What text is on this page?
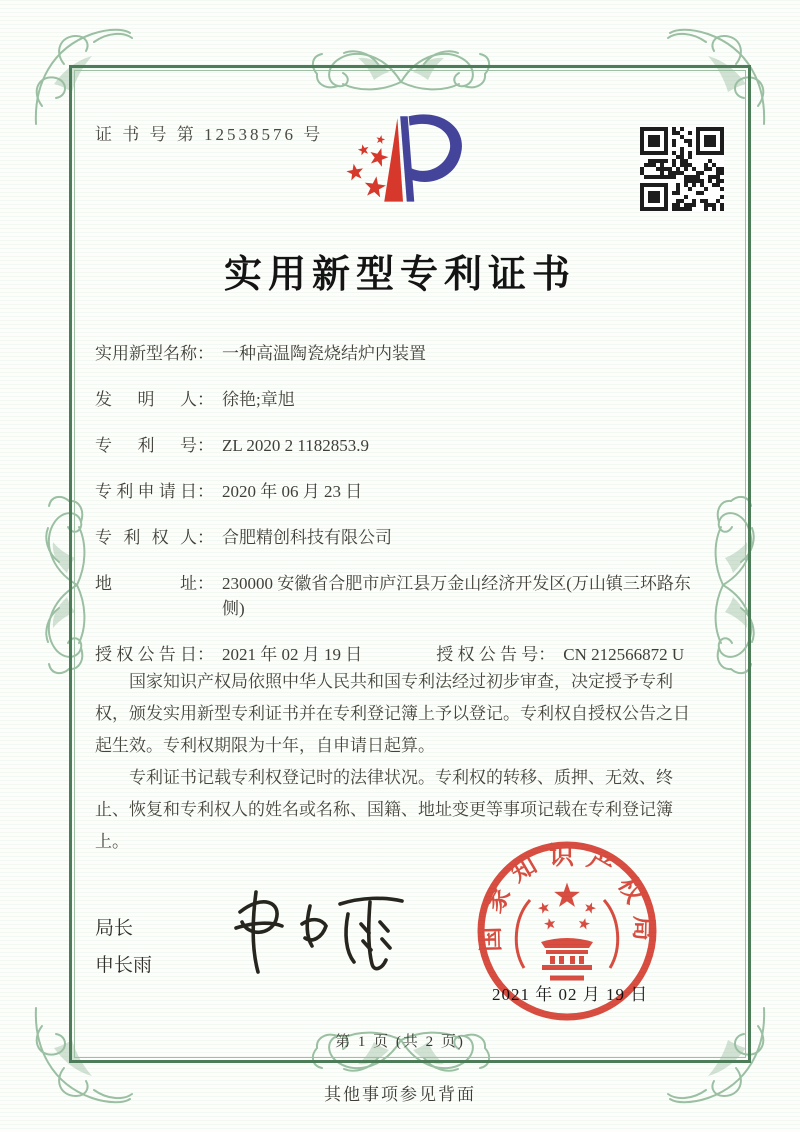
证 书 号 第 12538576 号
实用新型专利证书
实用新型名称 ： 一种高温陶瓷烧结炉内装置
发明人 ： 徐艳;章旭
专利号 ： ZL 2020 2 1182853.9
专利申请日 ： 2020 年 06 月 23 日
专利权人 ： 合肥精创科技有限公司
地址 ： 230000 安徽省合肥市庐江县万金山经济开发区(万山镇三环路东侧)
授权公告日 ： 2021 年 02 月 19 日	授权公告号 ： CN 212566872 U

国家知识产权局依照中华人民共和国专利法经过初步审查，决定授予专利权，颁发实用新型专利证书并在专利登记簿上予以登记。专利权自授权公告之日起生效。专利权期限为十年，自申请日起算。

专利证书记载专利权登记时的法律状况。专利权的转移、质押、无效、终止、恢复和专利权人的姓名或名称、国籍、地址变更等事项记载在专利登记簿上。

局长
申长雨
2021 年 02 月 19 日
国家知识产权局
第 1 页 (共 2 页)
其他事项参见背面
